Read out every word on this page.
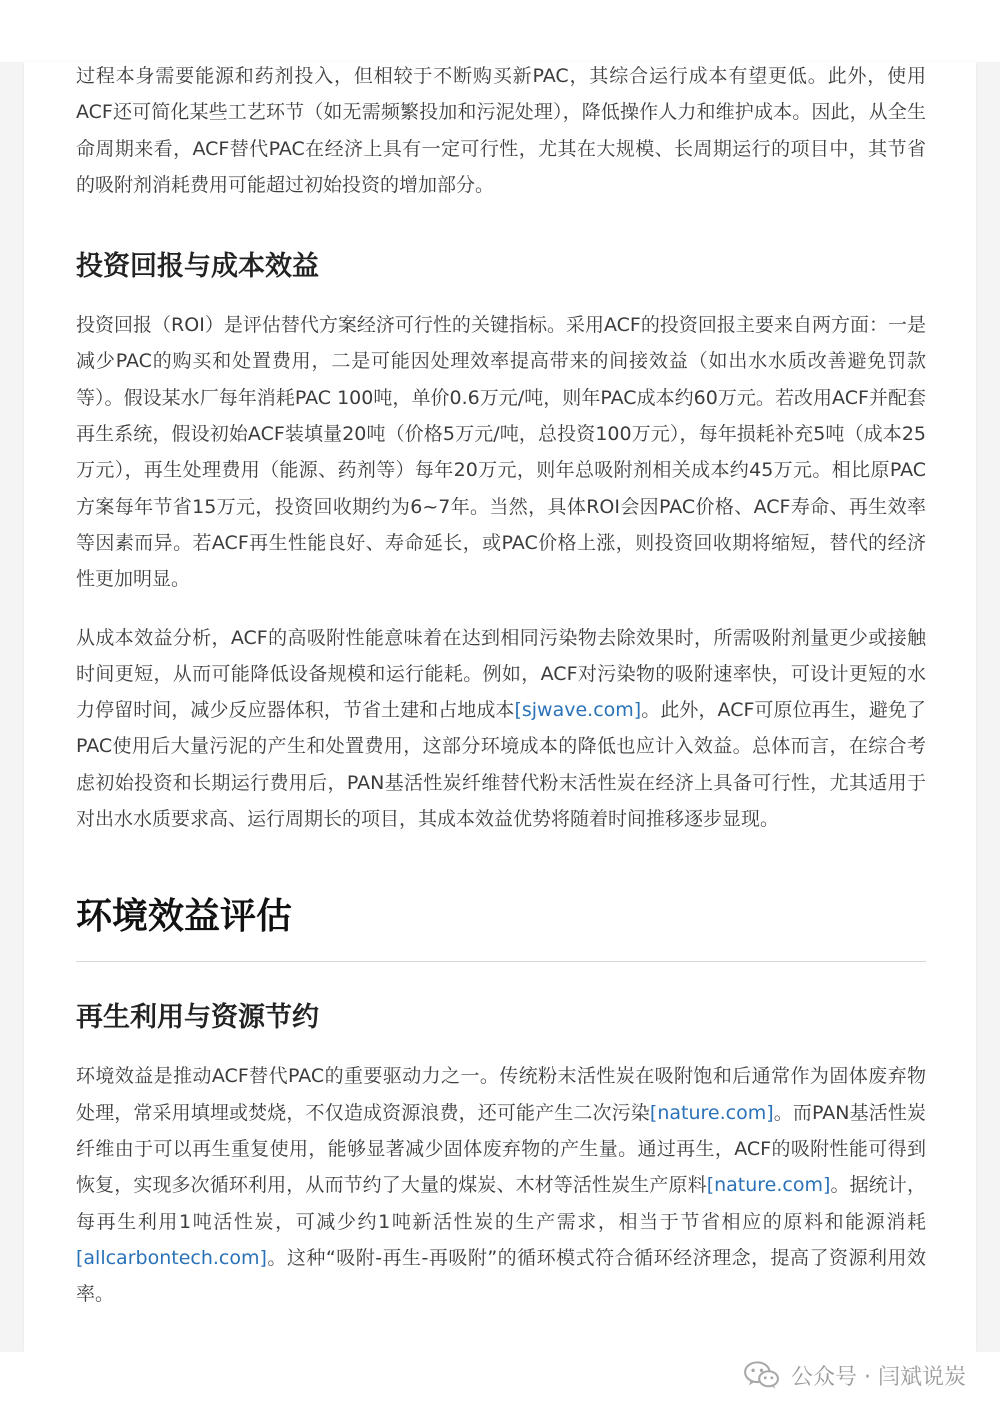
过程本身需要能源和药剂投入，但相较于不断购买新PAC，其综合运行成本有望更低。此外，使用ACF还可简化某些工艺环节（如无需频繁投加和污泥处理），降低操作人力和维护成本。因此，从全生命周期来看，ACF替代PAC在经济上具有一定可行性，尤其在大规模、长周期运行的项目中，其节省的吸附剂消耗费用可能超过初始投资的增加部分。

投资回报与成本效益

投资回报（ROI）是评估替代方案经济可行性的关键指标。采用ACF的投资回报主要来自两方面：一是减少PAC的购买和处置费用，二是可能因处理效率提高带来的间接效益（如出水水质改善避免罚款等）。假设某水厂每年消耗PAC 100吨，单价0.6万元/吨，则年PAC成本约60万元。若改用ACF并配套再生系统，假设初始ACF装填量20吨（价格5万元/吨，总投资100万元），每年损耗补充5吨（成本25万元），再生处理费用（能源、药剂等）每年20万元，则年总吸附剂相关成本约45万元。相比原PAC方案每年节省15万元，投资回收期约为6~7年。当然，具体ROI会因PAC价格、ACF寿命、再生效率等因素而异。若ACF再生性能良好、寿命延长，或PAC价格上涨，则投资回收期将缩短，替代的经济性更加明显。

从成本效益分析，ACF的高吸附性能意味着在达到相同污染物去除效果时，所需吸附剂量更少或接触时间更短，从而可能降低设备规模和运行能耗。例如，ACF对污染物的吸附速率快，可设计更短的水力停留时间，减少反应器体积，节省土建和占地成本[sjwave.com]。此外，ACF可原位再生，避免了PAC使用后大量污泥的产生和处置费用，这部分环境成本的降低也应计入效益。总体而言，在综合考虑初始投资和长期运行费用后，PAN基活性炭纤维替代粉末活性炭在经济上具备可行性，尤其适用于对出水水质要求高、运行周期长的项目，其成本效益优势将随着时间推移逐步显现。

环境效益评估
再生利用与资源节约

环境效益是推动ACF替代PAC的重要驱动力之一。传统粉末活性炭在吸附饱和后通常作为固体废弃物处理，常采用填埋或焚烧，不仅造成资源浪费，还可能产生二次污染[nature.com]。而PAN基活性炭纤维由于可以再生重复使用，能够显著减少固体废弃物的产生量。通过再生，ACF的吸附性能可得到恢复，实现多次循环利用，从而节约了大量的煤炭、木材等活性炭生产原料[nature.com]。据统计，每再生利用1吨活性炭，可减少约1吨新活性炭的生产需求，相当于节省相应的原料和能源消耗[allcarbontech.com]。这种“吸附-再生-再吸附”的循环模式符合循环经济理念，提高了资源利用效率。

公众号 · 闫斌说炭
